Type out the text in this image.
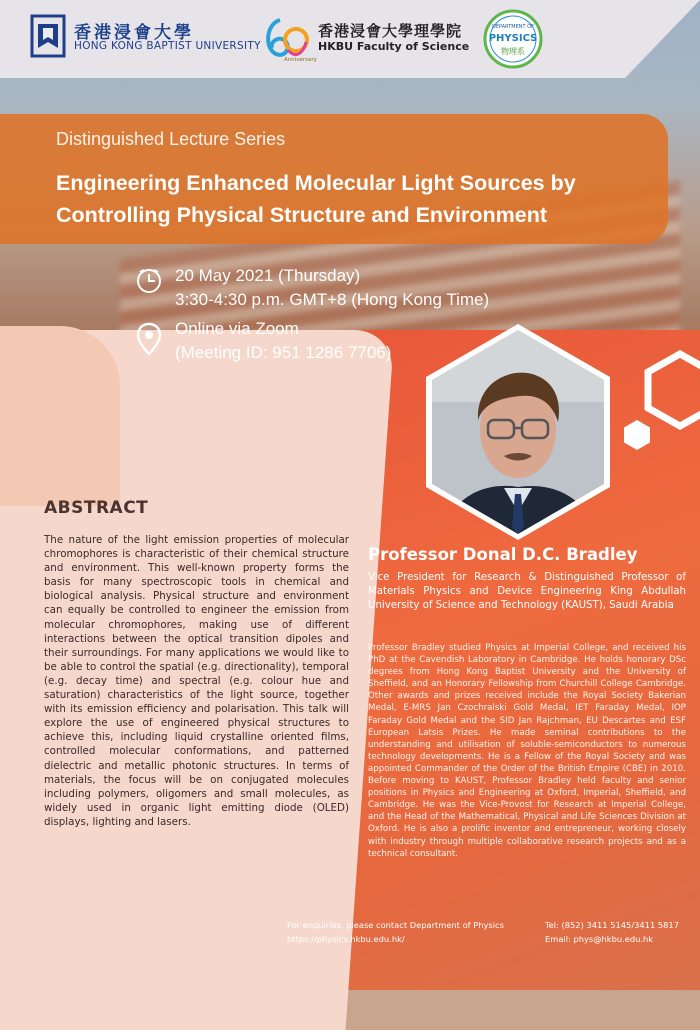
香港浸會大學
HONG KONG BAPTIST UNIVERSITY
Anniversary
香港浸會大學理學院
HKBU Faculty of Science
DEPARTMENT OF
PHYSICS
物理系
Distinguished Lecture Series
Engineering Enhanced Molecular Light Sources by Controlling Physical Structure and Environment
20 May 2021 (Thursday)
3:30-4:30 p.m. GMT+8 (Hong Kong Time)
Online via Zoom
(Meeting ID: 951 1286 7706)
ABSTRACT
The nature of the light emission properties of molecular chromophores is characteristic of their chemical structure and environment. This well-known property forms the basis for many spectroscopic tools in chemical and biological analysis. Physical structure and environment can equally be controlled to engineer the emission from molecular chromophores, making use of different interactions between the optical transition dipoles and their surroundings. For many applications we would like to be able to control the spatial (e.g. directionality), temporal (e.g. decay time) and spectral (e.g. colour hue and saturation) characteristics of the light source, together with its emission efficiency and polarisation. This talk will explore the use of engineered physical structures to achieve this, including liquid crystalline oriented films, controlled molecular conformations, and patterned dielectric and metallic photonic structures. In terms of materials, the focus will be on conjugated molecules including polymers, oligomers and small molecules, as widely used in organic light emitting diode (OLED) displays, lighting and lasers.
Professor Donal D.C. Bradley
Vice President for Research & Distinguished Professor of Materials Physics and Device Engineering King Abdullah University of Science and Technology (KAUST), Saudi Arabia
Professor Bradley studied Physics at Imperial College, and received his PhD at the Cavendish Laboratory in Cambridge. He holds honorary DSc degrees from Hong Kong Baptist University and the University of Sheffield, and an Honorary Fellowship from Churchill College Cambridge. Other awards and prizes received include the Royal Society Bakerian Medal, E-MRS Jan Czochralski Gold Medal, IET Faraday Medal, IOP Faraday Gold Medal and the SID Jan Rajchman, EU Descartes and ESF European Latsis Prizes. He made seminal contributions to the understanding and utilisation of soluble-semiconductors to numerous technology developments. He is a Fellow of the Royal Society and was appointed Commander of the Order of the British Empire (CBE) in 2010. Before moving to KAUST, Professor Bradley held faculty and senior positions in Physics and Engineering at Oxford, Imperial, Sheffield, and Cambridge. He was the Vice-Provost for Research at Imperial College, and the Head of the Mathematical, Physical and Life Sciences Division at Oxford. He is also a prolific inventor and entrepreneur, working closely with industry through multiple collaborative research projects and as a technical consultant.
For enquiries, please contact Department of Physics
https://physics.hkbu.edu.hk/
Tel: (852) 3411 5145/3411 5817
Email: phys@hkbu.edu.hk
